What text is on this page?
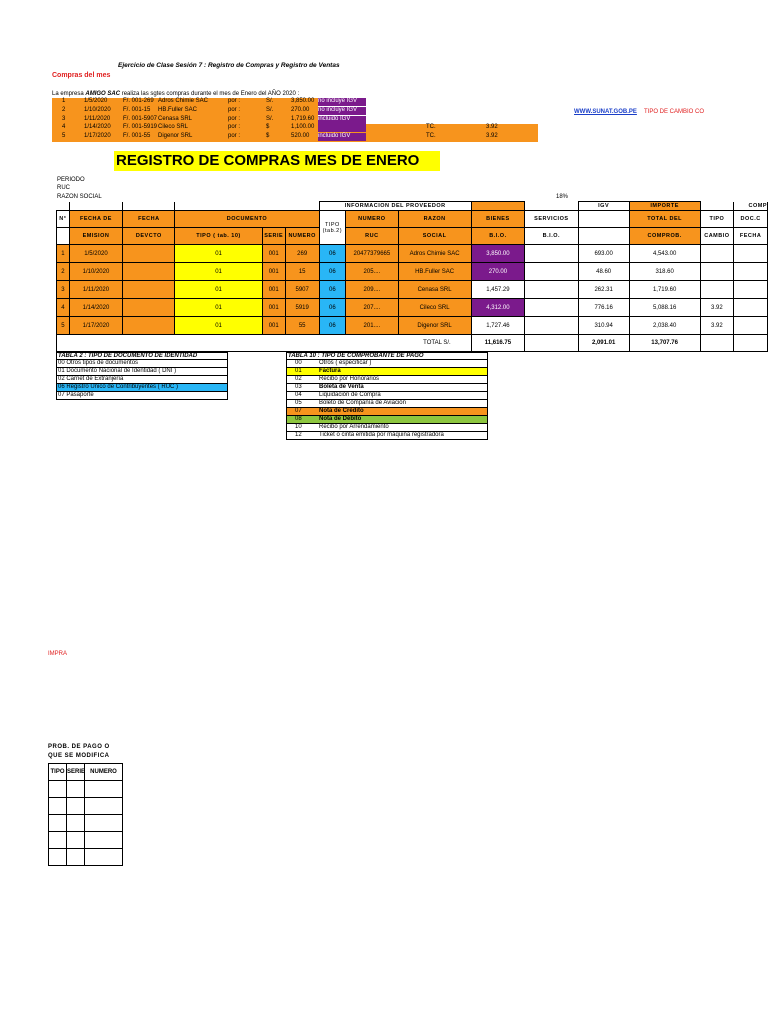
Ejercicio de Clase Sesión 7 : Registro de Compras y Registro de Ventas
Compras del mes
La empresa AMIGO SAC realiza las sgtes compras durante el mes de Enero del AÑO 2020 :
WWW.SUNAT.GOB.PE TIPO DE CAMBIO CO
1	1/5/2020	F/. 001-269 Adros Chimie SAC	por :	S/.	3,850.00 no incluye IGV
2	1/10/2020 F/. 001-15 HB.Fuller SAC	por :	S/.	270.00 no incluye IGV
3	1/11/2020 F/. 001-5907 Cenasa SRL	por :	S/.	1,719.60 incluido IGV
4	1/14/2020 F/. 001-5919 Cileco SRL	por :	$	1,100.00	TC.	3.92
5	1/17/2020 F/. 001-55 Digenor SRL	por :	$	520.00	TC.	3.92
incluido IGV
REGISTRO DE COMPRAS MES DE ENERO
PERIODO
RUC
RAZON SOCIAL	18%
						INFORMACION DEL PROVEEDOR					IGV	IMPORTE		COMP
N°	FECHA DE	FECHA	DOCUMENTO			TIPO
(tab.2)	NUMERO	RAZON	BIENES	SERVICIOS		TOTAL DEL	TIPO	DOC.C
	EMISION	DEVCTO	TIPO ( tab. 10)	SERIE	NUMERO		RUC	SOCIAL	B.I.O.	B.I.O.		COMPROB.	CAMBIO	FECHA
1	1/5/2020		01	001	269	06	20477379665	Adros Chimie SAC	3,850.00		693.00	4,543.00		
2	1/10/2020		01	001	15	06	205....	HB.Fuller SAC	270.00		48.60	318.60		
3	1/11/2020		01	001	5907	06	209....	Cenasa SRL	1,457.29		262.31	1,719.60		
4	1/14/2020		01	001	5919	06	207....	Cileco SRL	4,312.00		776.16	5,088.16	3.92	
5	1/17/2020		01	001	55	06	201....	Digenor SRL	1,727.46		310.94	2,038.40	3.92	
TOTAL S/.									11,616.75		2,091.01	13,707.76		
TABLA 2 : TIPO DE DOCUMENTO DE IDENTIDAD
00 Otros tipos de documentos
01 Documento Nacional de Identidad ( DNI )
02 Carnet de Extranjería
06 Registro Unico de Contribuyentes ( RUC )
07 Pasaporte
TABLA 10 : TIPO DE COMPROBANTE DE PAGO
00	Otros ( especificar )
01	Factura
02	Recibo por Honorarios
03	Boleta de Venta
04	Liquidación de Compra
05	Boleto de Compañía de Aviación
07	Nota de Crédito
08	Nota de Débito
10	Recibo por Arrendamiento
12	Ticket o cinta emitida por máquina registradora
IMPRA
PROB. DE PAGO O
QUE SE MODIFICA
TIPO	SERIE	NUMERO
